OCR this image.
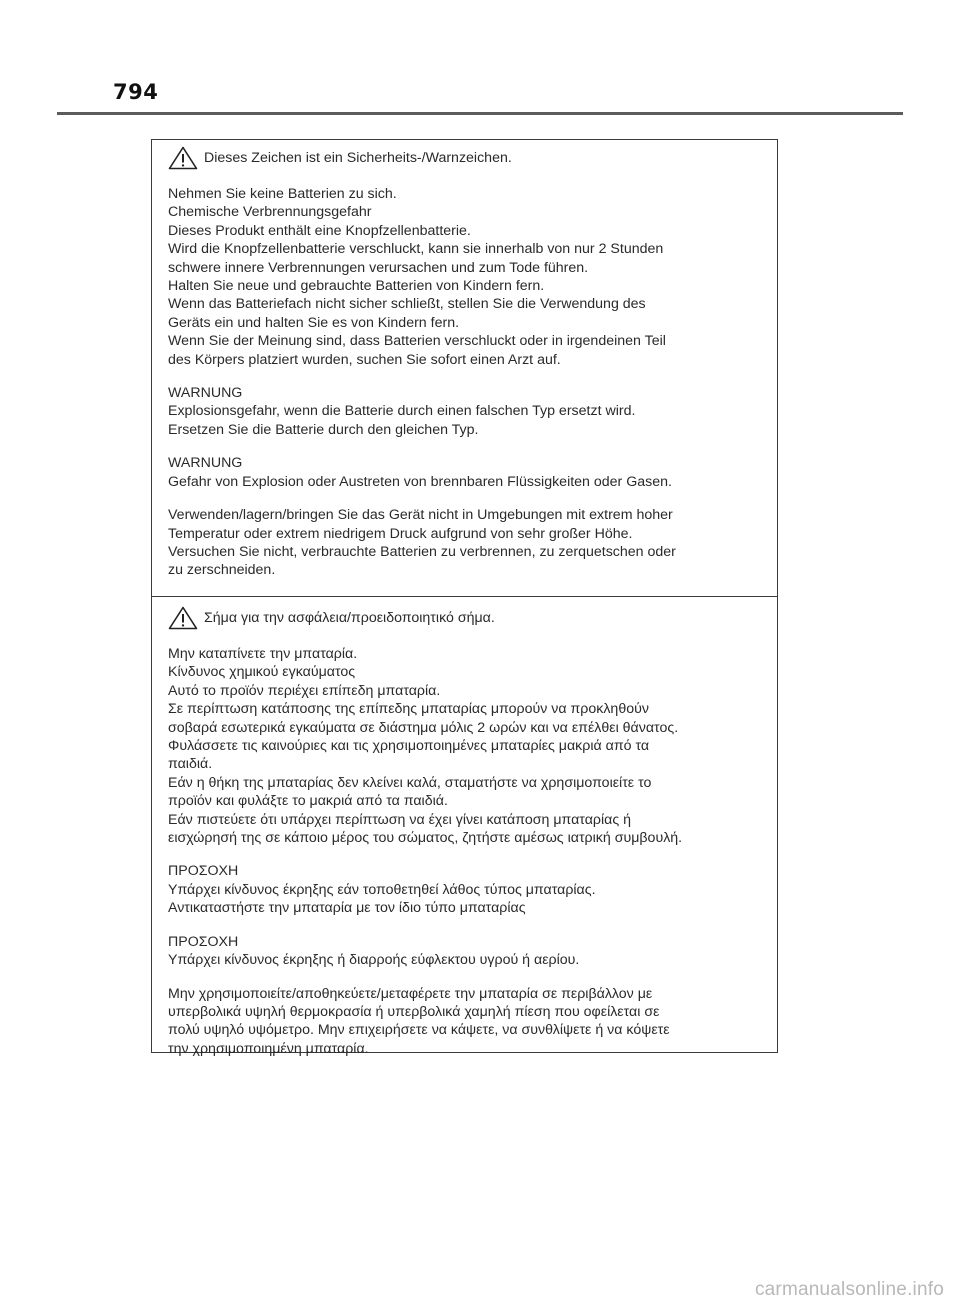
794
Dieses Zeichen ist ein Sicherheits-/Warnzeichen.
Nehmen Sie keine Batterien zu sich.
Chemische Verbrennungsgefahr
Dieses Produkt enthält eine Knopfzellenbatterie.
Wird die Knopfzellenbatterie verschluckt, kann sie innerhalb von nur 2 Stunden
schwere innere Verbrennungen verursachen und zum Tode führen.
Halten Sie neue und gebrauchte Batterien von Kindern fern.
Wenn das Batteriefach nicht sicher schließt, stellen Sie die Verwendung des
Geräts ein und halten Sie es von Kindern fern.
Wenn Sie der Meinung sind, dass Batterien verschluckt oder in irgendeinen Teil
des Körpers platziert wurden, suchen Sie sofort einen Arzt auf.
WARNUNG
Explosionsgefahr, wenn die Batterie durch einen falschen Typ ersetzt wird.
Ersetzen Sie die Batterie durch den gleichen Typ.
WARNUNG
Gefahr von Explosion oder Austreten von brennbaren Flüssigkeiten oder Gasen.
Verwenden/lagern/bringen Sie das Gerät nicht in Umgebungen mit extrem hoher
Temperatur oder extrem niedrigem Druck aufgrund von sehr großer Höhe.
Versuchen Sie nicht, verbrauchte Batterien zu verbrennen, zu zerquetschen oder
zu zerschneiden.
Σήμα για την ασφάλεια/προειδοποιητικό σήμα.
Μην καταπίνετε την μπαταρία.
Κίνδυνος χημικού εγκαύματος
Αυτό το προϊόν περιέχει επίπεδη μπαταρία.
Σε περίπτωση κατάποσης της επίπεδης μπαταρίας μπορούν να προκληθούν
σοβαρά εσωτερικά εγκαύματα σε διάστημα μόλις 2 ωρών και να επέλθει θάνατος.
Φυλάσσετε τις καινούριες και τις χρησιμοποιημένες μπαταρίες μακριά από τα
παιδιά.
Εάν η θήκη της μπαταρίας δεν κλείνει καλά, σταματήστε να χρησιμοποιείτε το
προϊόν και φυλάξτε το μακριά από τα παιδιά.
Εάν πιστεύετε ότι υπάρχει περίπτωση να έχει γίνει κατάποση μπαταρίας ή
εισχώρησή της σε κάποιο μέρος του σώματος, ζητήστε αμέσως ιατρική συμβουλή.
ΠΡΟΣΟΧΗ
Υπάρχει κίνδυνος έκρηξης εάν τοποθετηθεί λάθος τύπος μπαταρίας.
Αντικαταστήστε την μπαταρία με τον ίδιο τύπο μπαταρίας
ΠΡΟΣΟΧΗ
Υπάρχει κίνδυνος έκρηξης ή διαρροής εύφλεκτου υγρού ή αερίου.
Μην χρησιμοποιείτε/αποθηκεύετε/μεταφέρετε την μπαταρία σε περιβάλλον με
υπερβολικά υψηλή θερμοκρασία ή υπερβολικά χαμηλή πίεση που οφείλεται σε
πολύ υψηλό υψόμετρο. Μην επιχειρήσετε να κάψετε, να συνθλίψετε ή να κόψετε
την χρησιμοποιημένη μπαταρία.
carmanualsonline.info
